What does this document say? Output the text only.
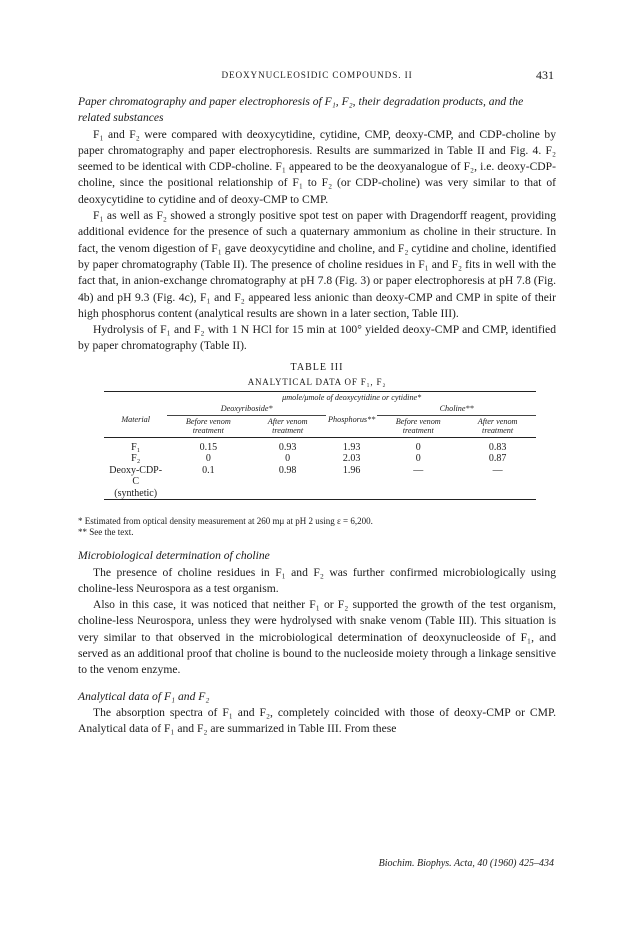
DEOXYNUCLEOSIDIC COMPOUNDS. II	431

Paper chromatography and paper electrophoresis of F₁, F₂, their degradation products, and the related substances

F₁ and F₂ were compared with deoxycytidine, cytidine, CMP, deoxy-CMP, and CDP-choline by paper chromatography and paper electrophoresis. Results are summarized in Table II and Fig. 4. F₂ seemed to be identical with CDP-choline. F₁ appeared to be the deoxyanalogue of F₂, i.e. deoxy-CDP-choline, since the positional relationship of F₁ to F₂ (or CDP-choline) was very similar to that of deoxycytidine to cytidine and of deoxy-CMP to CMP.

F₁ as well as F₂ showed a strongly positive spot test on paper with Dragendorff reagent, providing additional evidence for the presence of such a quaternary ammonium as choline in their structure. In fact, the venom digestion of F₁ gave deoxycytidine and choline, and F₂ cytidine and choline, identified by paper chromatography (Table II). The presence of choline residues in F₁ and F₂ fits in well with the fact that, in anion-exchange chromatography at pH 7.8 (Fig. 3) or paper electrophoresis at pH 7.8 (Fig. 4b) and pH 9.3 (Fig. 4c), F₁ and F₂ appeared less anionic than deoxy-CMP and CMP in spite of their high phosphorus content (analytical results are shown in a later section, Table III).

Hydrolysis of F₁ and F₂ with 1 N HCl for 15 min at 100° yielded deoxy-CMP and CMP, identified by paper chromatography (Table II).

TABLE III
ANALYTICAL DATA OF F₁, F₂
	μmole/μmole of deoxycytidine or cytidine*				
Material	Deoxyriboside*		Phosphorus**	Choline**	
	Before venom treatment	After venom treatment		Before venom treatment	After venom treatment

F₁	0.15	0.93	1.93	0	0.83
F₂	0	0	2.03	0	0.87
Deoxy-CDP-C	0.1	0.98	1.96	—	—
(synthetic)					

* Estimated from optical density measurement at 260 mμ at pH 2 using ε = 6,200.
** See the text.

Microbiological determination of choline

The presence of choline residues in F₁ and F₂ was further confirmed microbiologically using choline-less Neurospora as a test organism.

Also in this case, it was noticed that neither F₁ or F₂ supported the growth of the test organism, choline-less Neurospora, unless they were hydrolysed with snake venom (Table III). This situation is very similar to that observed in the microbiological determination of deoxynucleoside of F₁, and served as an additional proof that choline is bound to the nucleoside moiety through a linkage sensitive to the venom enzyme.

Analytical data of F₁ and F₂

The absorption spectra of F₁ and F₂, completely coincided with those of deoxy-CMP or CMP. Analytical data of F₁ and F₂ are summarized in Table III. From these

Biochim. Biophys. Acta, 40 (1960) 425–434
